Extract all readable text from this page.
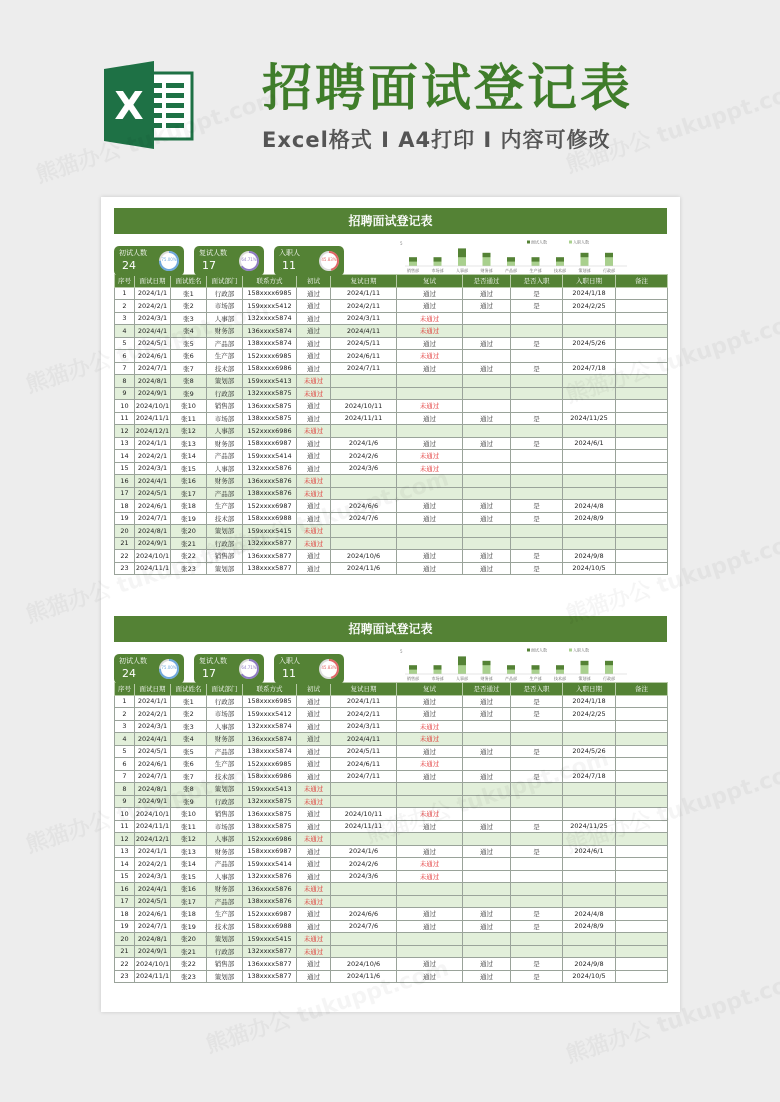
X 招聘面试登记表
Excel格式 I A4打印 I 内容可修改
招聘面试登记表
初试人数
24	75.00%
复试人数
17	64.71%
入职人
11	45.83%
5	面试人数	入职人数
销售部	市场部	人事部	财务部	产品部	生产部	技术部	策划部	行政部
序号	面试日期	面试姓名	面试部门	联系方式	初试	复试日期	复试	是否通过	是否入职	入职日期	备注
1	2024/1/1	张1	行政部	158xxxx6985	通过	2024/1/11	通过	通过	是	2024/1/18	
2	2024/2/1	张2	市场部	159xxxx5412	通过	2024/2/11	通过	通过	是	2024/2/25	
3	2024/3/1	张3	人事部	132xxxx5874	通过	2024/3/11	未通过				
4	2024/4/1	张4	财务部	136xxxx5874	通过	2024/4/11	未通过				
5	2024/5/1	张5	产品部	138xxxx5874	通过	2024/5/11	通过	通过	是	2024/5/26	
6	2024/6/1	张6	生产部	152xxxx6985	通过	2024/6/11	未通过				
7	2024/7/1	张7	技术部	158xxxx6986	通过	2024/7/11	通过	通过	是	2024/7/18	
8	2024/8/1	张8	策划部	159xxxx5413	未通过						
9	2024/9/1	张9	行政部	132xxxx5875	未通过						
10	2024/10/1	张10	销售部	136xxxx5875	通过	2024/10/11	未通过				
11	2024/11/1	张11	市场部	138xxxx5875	通过	2024/11/11	通过	通过	是	2024/11/25	
12	2024/12/1	张12	人事部	152xxxx6986	未通过						
13	2024/1/1	张13	财务部	158xxxx6987	通过	2024/1/6	通过	通过	是	2024/6/1	
14	2024/2/1	张14	产品部	159xxxx5414	通过	2024/2/6	未通过				
15	2024/3/1	张15	人事部	132xxxx5876	通过	2024/3/6	未通过				
16	2024/4/1	张16	财务部	136xxxx5876	未通过						
17	2024/5/1	张17	产品部	138xxxx5876	未通过						
18	2024/6/1	张18	生产部	152xxxx6987	通过	2024/6/6	通过	通过	是	2024/4/8	
19	2024/7/1	张19	技术部	158xxxx6988	通过	2024/7/6	通过	通过	是	2024/8/9	
20	2024/8/1	张20	策划部	159xxxx5415	未通过						
21	2024/9/1	张21	行政部	132xxxx5877	未通过						
22	2024/10/1	张22	销售部	136xxxx5877	通过	2024/10/6	通过	通过	是	2024/9/8	
23	2024/11/1	张23	策划部	138xxxx5877	通过	2024/11/6	通过	通过	是	2024/10/5	
招聘面试登记表
初试人数
24	75.00%
复试人数
17	64.71%
入职人
11	45.83%
5	面试人数	入职人数
销售部	市场部	人事部	财务部	产品部	生产部	技术部	策划部	行政部
序号	面试日期	面试姓名	面试部门	联系方式	初试	复试日期	复试	是否通过	是否入职	入职日期	备注
1	2024/1/1	张1	行政部	158xxxx6985	通过	2024/1/11	通过	通过	是	2024/1/18	
2	2024/2/1	张2	市场部	159xxxx5412	通过	2024/2/11	通过	通过	是	2024/2/25	
3	2024/3/1	张3	人事部	132xxxx5874	通过	2024/3/11	未通过				
4	2024/4/1	张4	财务部	136xxxx5874	通过	2024/4/11	未通过				
5	2024/5/1	张5	产品部	138xxxx5874	通过	2024/5/11	通过	通过	是	2024/5/26	
6	2024/6/1	张6	生产部	152xxxx6985	通过	2024/6/11	未通过				
7	2024/7/1	张7	技术部	158xxxx6986	通过	2024/7/11	通过	通过	是	2024/7/18	
8	2024/8/1	张8	策划部	159xxxx5413	未通过						
9	2024/9/1	张9	行政部	132xxxx5875	未通过						
10	2024/10/1	张10	销售部	136xxxx5875	通过	2024/10/11	未通过				
11	2024/11/1	张11	市场部	138xxxx5875	通过	2024/11/11	通过	通过	是	2024/11/25	
12	2024/12/1	张12	人事部	152xxxx6986	未通过						
13	2024/1/1	张13	财务部	158xxxx6987	通过	2024/1/6	通过	通过	是	2024/6/1	
14	2024/2/1	张14	产品部	159xxxx5414	通过	2024/2/6	未通过				
15	2024/3/1	张15	人事部	132xxxx5876	通过	2024/3/6	未通过				
16	2024/4/1	张16	财务部	136xxxx5876	未通过						
17	2024/5/1	张17	产品部	138xxxx5876	未通过						
18	2024/6/1	张18	生产部	152xxxx6987	通过	2024/6/6	通过	通过	是	2024/4/8	
19	2024/7/1	张19	技术部	158xxxx6988	通过	2024/7/6	通过	通过	是	2024/8/9	
20	2024/8/1	张20	策划部	159xxxx5415	未通过						
21	2024/9/1	张21	行政部	132xxxx5877	未通过						
22	2024/10/1	张22	销售部	136xxxx5877	通过	2024/10/6	通过	通过	是	2024/9/8	
23	2024/11/1	张23	策划部	138xxxx5877	通过	2024/11/6	通过	通过	是	2024/10/5	
